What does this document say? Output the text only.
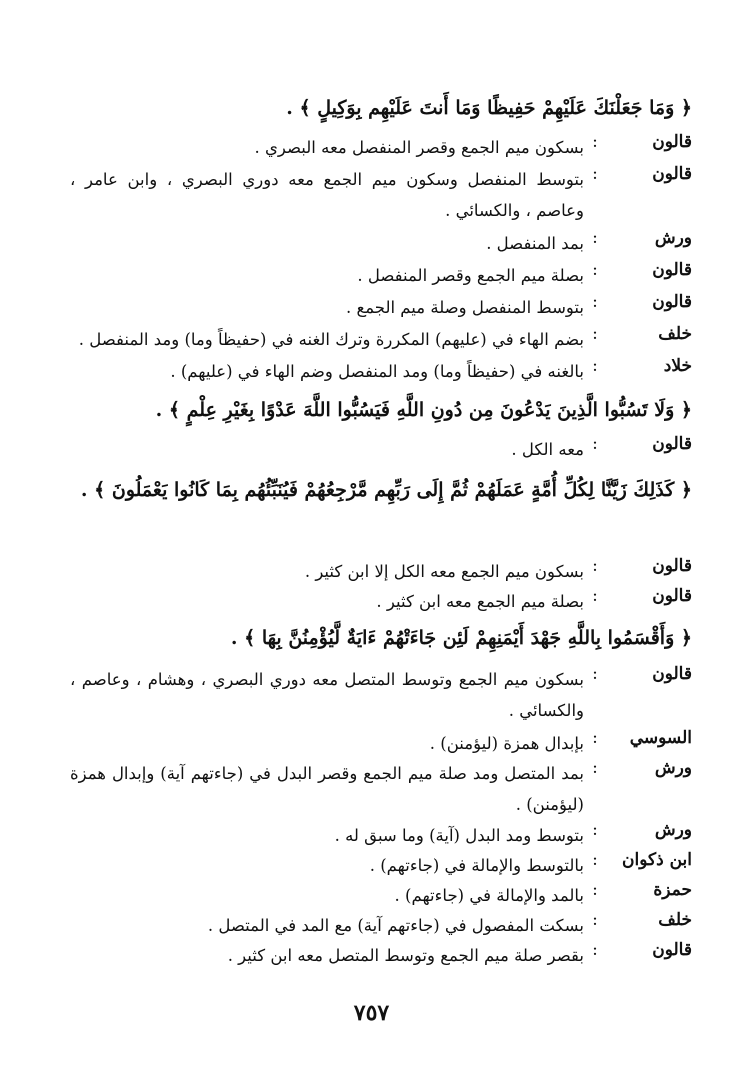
﴿ وَمَا جَعَلْنَكَ عَلَيْهِمْ حَفِيظًا وَمَا أَنتَ عَلَيْهِم بِوَكِيلٍ ﴾ .
قالون
:
بسكون ميم الجمع وقصر المنفصل معه البصري .
قالون
:
بتوسط المنفصل وسكون ميم الجمع معه دوري البصري ، وابن عامر ، وعاصم ، والكسائي .
ورش
:
بمد المنفصل .
قالون
:
بصلة ميم الجمع وقصر المنفصل .
قالون
:
بتوسط المنفصل وصلة ميم الجمع .
خلف
:
بضم الهاء في (عليهم) المكررة وترك الغنه في (حفيظاً وما) ومد المنفصل .
خلاد
:
بالغنه في (حفيظاً وما) ومد المنفصل وضم الهاء في (عليهم) .
﴿ وَلَا تَسُبُّوا الَّذِينَ يَدْعُونَ مِن دُونِ اللَّهِ فَيَسُبُّوا اللَّهَ عَدْوًا بِغَيْرِ عِلْمٍ ﴾ .
قالون
:
معه الكل .
﴿ كَذَلِكَ زَيَّنَّا لِكُلِّ أُمَّةٍ عَمَلَهُمْ ثُمَّ إِلَى رَبِّهِم مَّرْجِعُهُمْ فَيُنَبِّئُهُم بِمَا كَانُوا يَعْمَلُونَ ﴾ .
قالون
:
بسكون ميم الجمع معه الكل إلا ابن كثير .
قالون
:
بصلة ميم الجمع معه ابن كثير .
﴿ وَأَقْسَمُوا بِاللَّهِ جَهْدَ أَيْمَنِهِمْ لَئِن جَاءَتْهُمْ ءَايَةٌ لَّيُؤْمِنُنَّ بِهَا ﴾ .
قالون
:
بسكون ميم الجمع وتوسط المتصل معه دوري البصري ، وهشام ، وعاصم ، والكسائي .
السوسي
:
بإبدال همزة (ليؤمنن) .
ورش
:
بمد المتصل ومد صلة ميم الجمع وقصر البدل في (جاءتهم آية) وإبدال همزة (ليؤمنن) .
ورش
:
بتوسط ومد البدل (آية) وما سبق له .
ابن ذكوان
:
بالتوسط والإمالة في (جاءتهم) .
حمزة
:
بالمد والإمالة في (جاءتهم) .
خلف
:
بسكت المفصول في (جاءتهم آية) مع المد في المتصل .
قالون
:
بقصر صلة ميم الجمع وتوسط المتصل معه ابن كثير .
٧٥٧
